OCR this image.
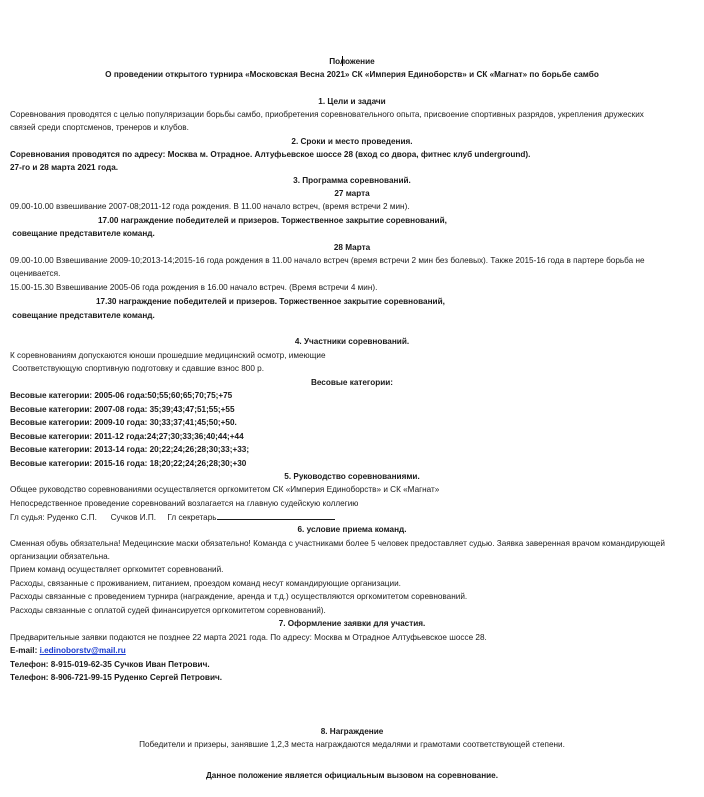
Положение
О проведении открытого турнира «Московская Весна 2021» СК «Империя Единоборств» и СК «Магнат» по борьбе самбо
1. Цели и задачи
Соревнования проводятся с целью популяризации борьбы самбо, приобретения соревновательного опыта, присвоение спортивных разрядов, укрепления дружеских
связей среди спортсменов, тренеров и клубов.
2. Сроки и место проведения.
Соревнования проводятся по адресу: Москва м. Отрадное. Алтуфьевское шоссе 28 (вход со двора, фитнес клуб underground).
27-го и 28 марта 2021 года.
3. Программа соревнований.
27 марта
09.00-10.00 взвешивание 2007-08;2011-12 года рождения. В 11.00 начало встреч, (время встречи 2 мин).
17.00 награждение победителей и призеров. Торжественное закрытие соревнований,
совещание представителе команд.
28 Марта
09.00-10.00 Взвешивание 2009-10;2013-14;2015-16 года рождения в 11.00 начало встреч (время встречи 2 мин без болевых). Также 2015-16 года в партере борьба не
оценивается.
15.00-15.30 Взвешивание 2005-06 года рождения в 16.00 начало встреч. (Время встречи 4 мин).
17.30 награждение победителей и призеров. Торжественное закрытие соревнований,
совещание представителе команд.
4. Участники соревнований.
К соревнованиям допускаются юноши прошедшие медицинский осмотр, имеющие
Соответствующую спортивную подготовку и сдавшие взнос 800 р.
Весовые категории:
Весовые категории: 2005-06 года:50;55;60;65;70;75;+75
Весовые категории: 2007-08 года: 35;39;43;47;51;55;+55
Весовые категории: 2009-10 года: 30;33;37;41;45;50;+50.
Весовые категории: 2011-12 года:24;27;30;33;36;40;44;+44
Весовые категории: 2013-14 года: 20;22;24;26;28;30;33;+33;
Весовые категории: 2015-16 года: 18;20;22;24;26;28;30;+30
5. Руководство соревнованиями.
Общее руководство соревнованиями осуществляется оргкомитетом СК «Империя Единоборств» и СК «Магнат»
Непосредственное проведение соревнований возлагается на главную судейскую коллегию
Гл судья: Руденко С.П.      Сучков И.П.     Гл секретарь
6. условие приема команд.
Сменная обувь обязательна! Медецинские маски обязательно! Команда с участниками более 5 человек предоставляет судью. Заявка заверенная врачом командирующей
организации обязательна.
Прием команд осуществляет оргкомитет соревнований.
Расходы, связанные с проживанием, питанием, проездом команд несут командирующие организации.
Расходы связанные с проведением турнира (награждение, аренда и т.д.) осуществляются оргкомитетом соревнований.
Расходы связанные с оплатой судей финансируется оргкомитетом соревнований).
7. Оформление заявки для участия.
Предварительные заявки подаются не позднее 22 марта 2021 года. По адресу: Москва м Отрадное Алтуфьевское шоссе 28.
E-mail: i.edinoborstv@mail.ru
Телефон: 8-915-019-62-35 Сучков Иван Петрович.
Телефон: 8-906-721-99-15 Руденко Сергей Петрович.
8. Награждение
Победители и призеры, занявшие 1,2,3 места награждаются медалями и грамотами соответствующей степени.
Данное положение является официальным вызовом на соревнование.
